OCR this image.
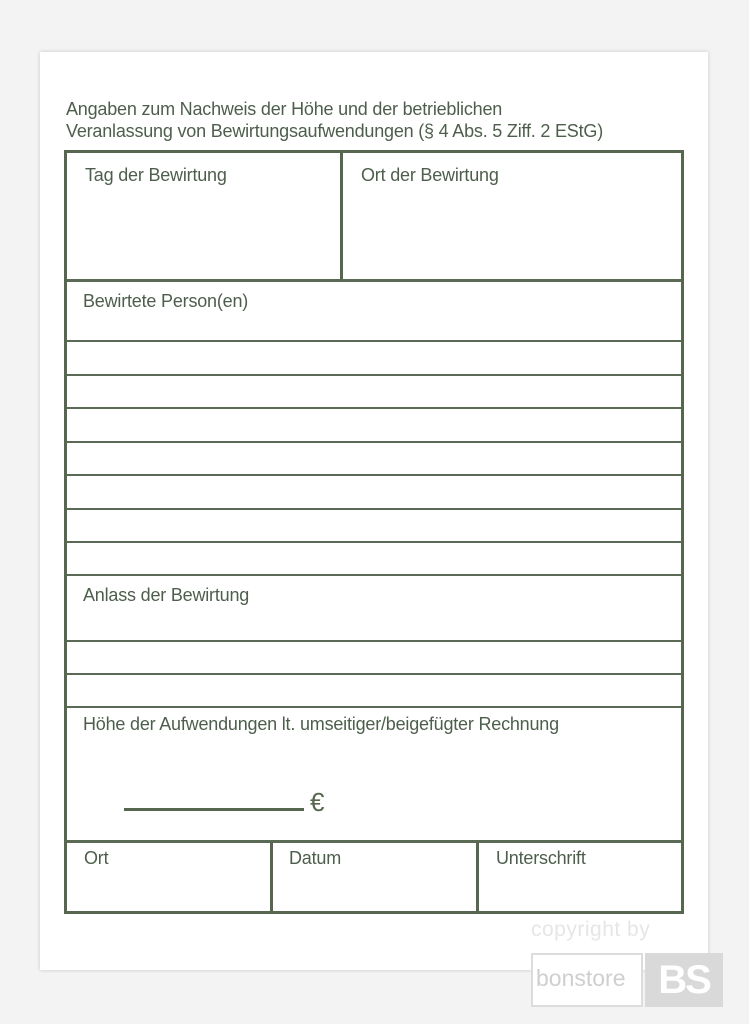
Angaben zum Nachweis der Höhe und der betrieblichen
Veranlassung von Bewirtungsaufwendungen (§ 4 Abs. 5 Ziff. 2 EStG)
Tag der Bewirtung	Ort der Bewirtung
Bewirtete Person(en)
Anlass der Bewirtung
Höhe der Aufwendungen lt. umseitiger/beigefügter Rechnung
€
Ort	Datum	Unterschrift
copyright by
bonstore BS
